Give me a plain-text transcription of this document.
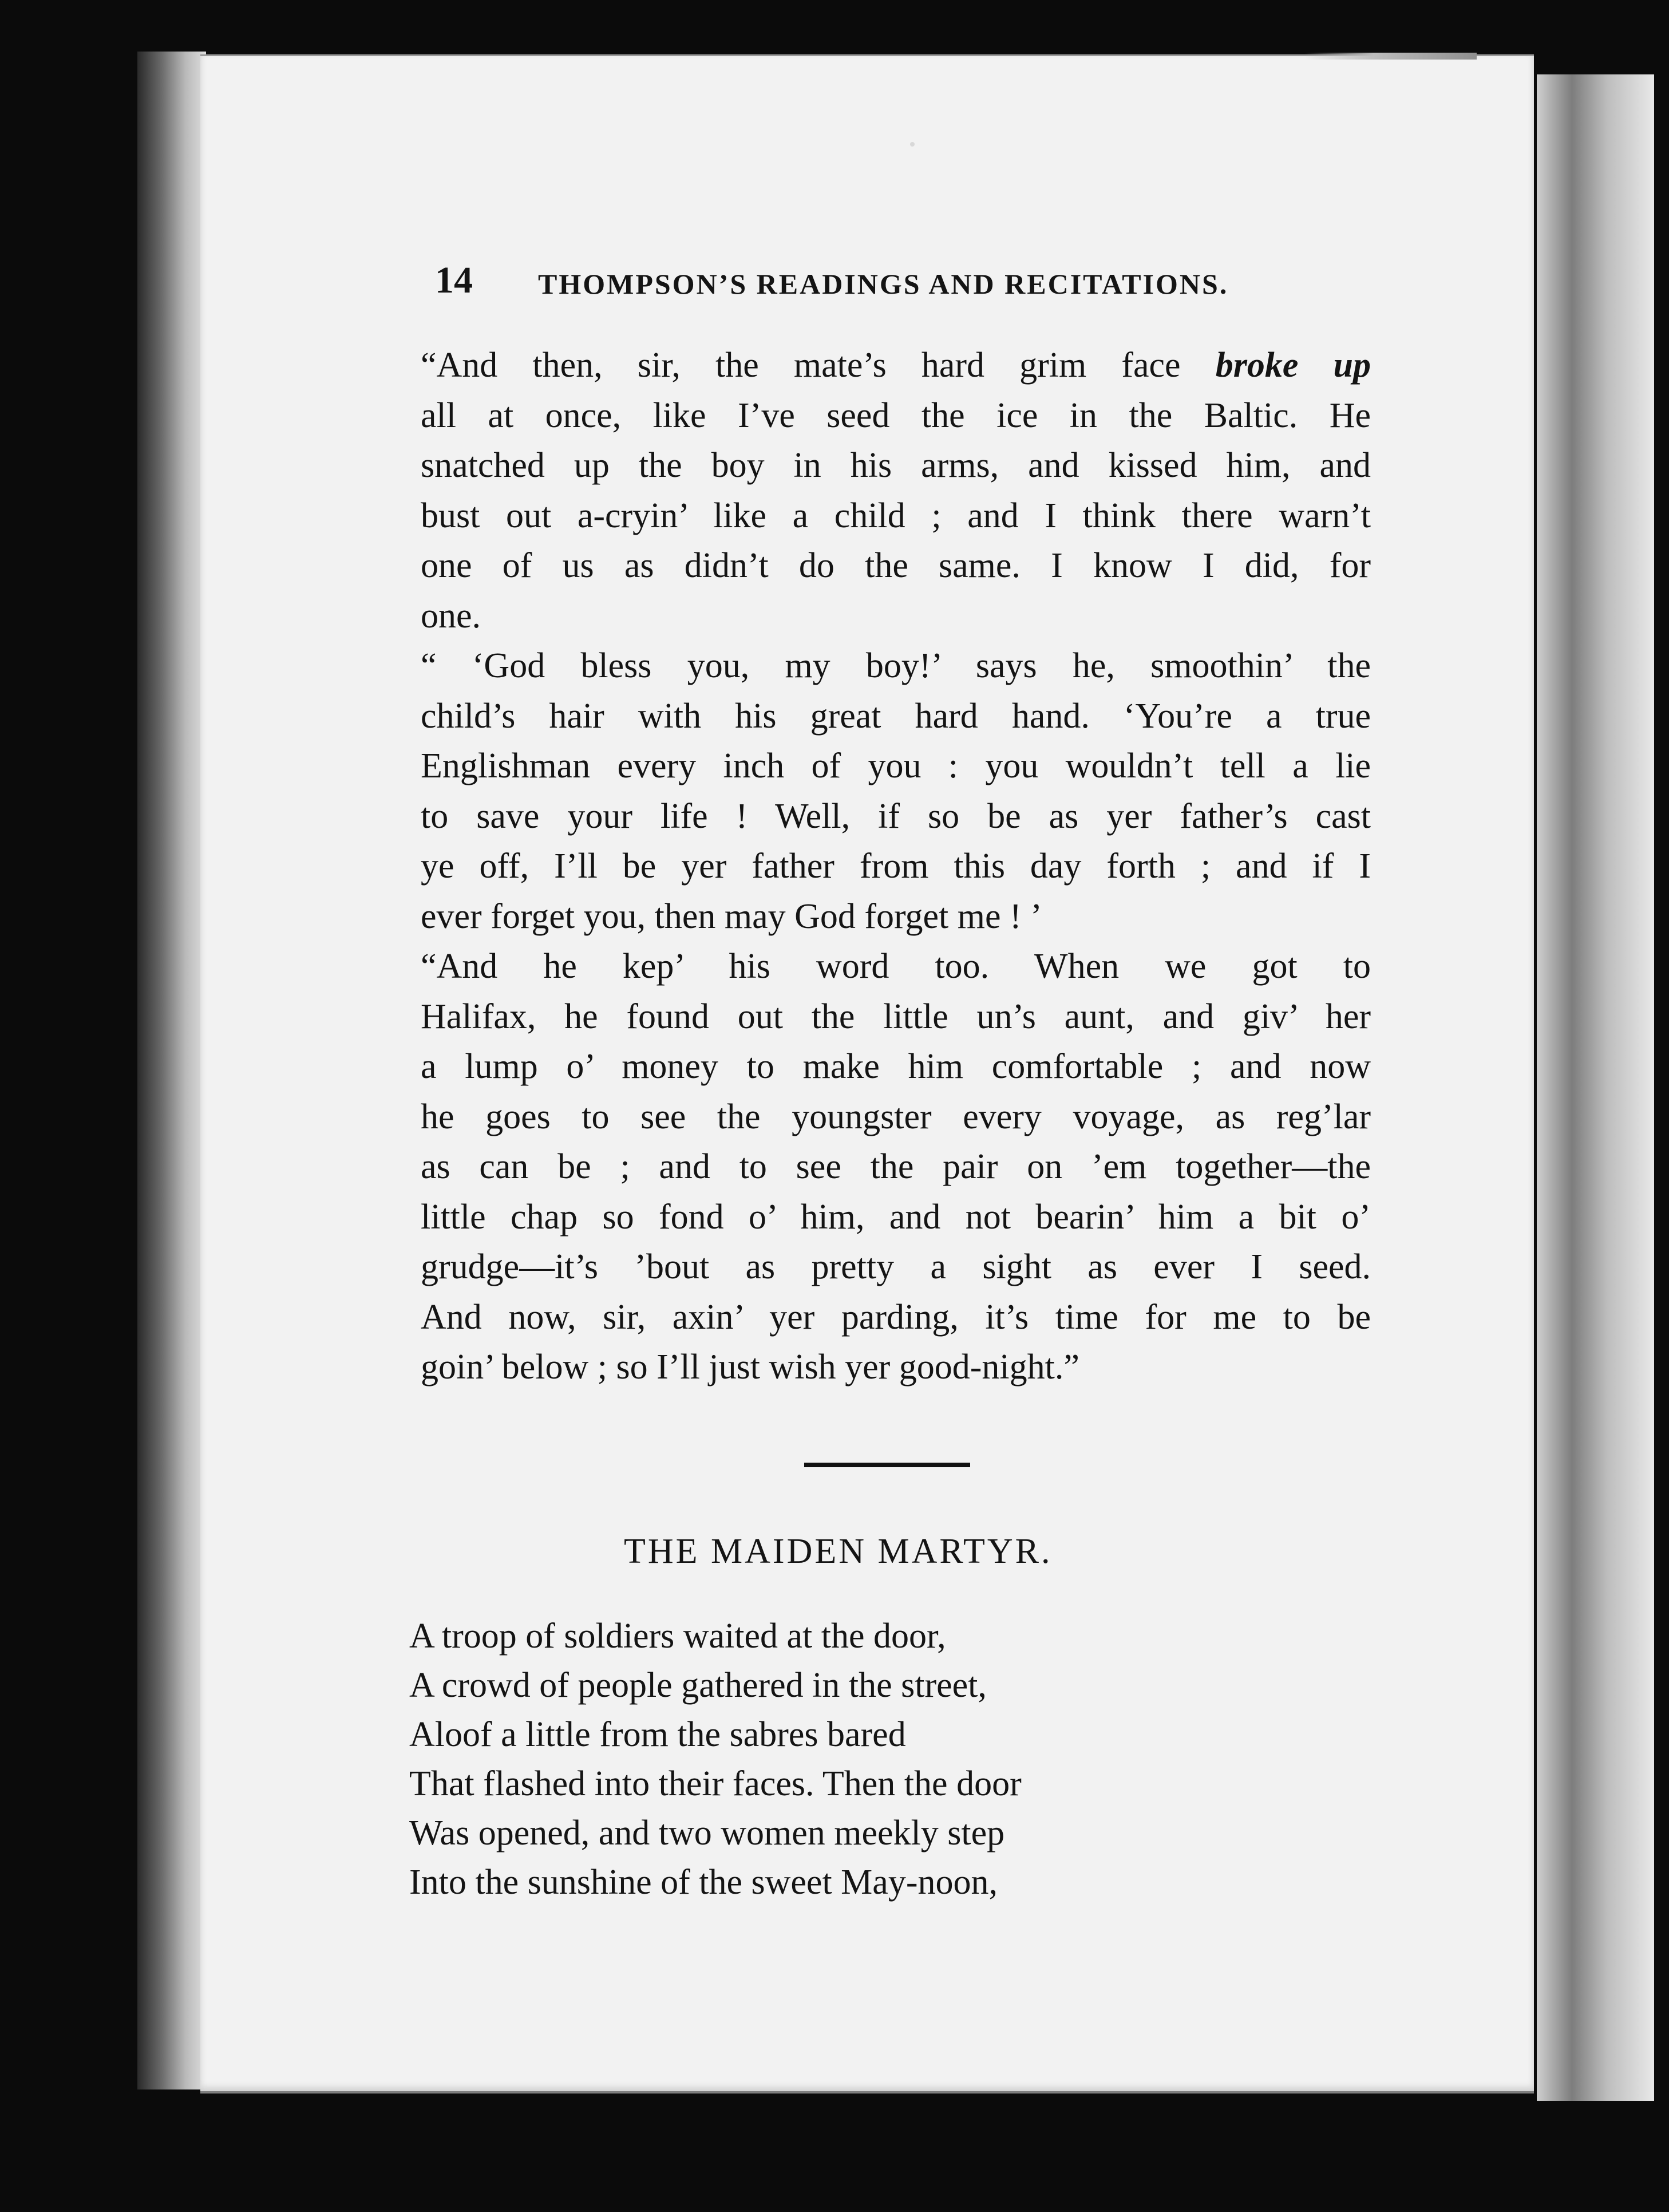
14 THOMPSON’S READINGS AND RECITATIONS.
“And then, sir, the mate’s hard grim face broke up
all at once, like I’ve seed the ice in the Baltic. He
snatched up the boy in his arms, and kissed him, and
bust out a-cryin’ like a child ; and I think there warn’t
one of us as didn’t do the same. I know I did, for
one.
“ ‘God bless you, my boy!’ says he, smoothin’ the
child’s hair with his great hard hand. ‘You’re a true
Englishman every inch of you : you wouldn’t tell a lie
to save your life ! Well, if so be as yer father’s cast
ye off, I’ll be yer father from this day forth ; and if I
ever forget you, then may God forget me ! ’
“And he kep’ his word too. When we got to
Halifax, he found out the little un’s aunt, and giv’ her
a lump o’ money to make him comfortable ; and now
he goes to see the youngster every voyage, as reg’lar
as can be ; and to see the pair on ’em together—the
little chap so fond o’ him, and not bearin’ him a bit o’
grudge—it’s ’bout as pretty a sight as ever I seed.
And now, sir, axin’ yer parding, it’s time for me to be
goin’ below ; so I’ll just wish yer good-night.”
THE MAIDEN MARTYR.
A troop of soldiers waited at the door,
A crowd of people gathered in the street,
Aloof a little from the sabres bared
That flashed into their faces. Then the door
Was opened, and two women meekly step
Into the sunshine of the sweet May-noon,
